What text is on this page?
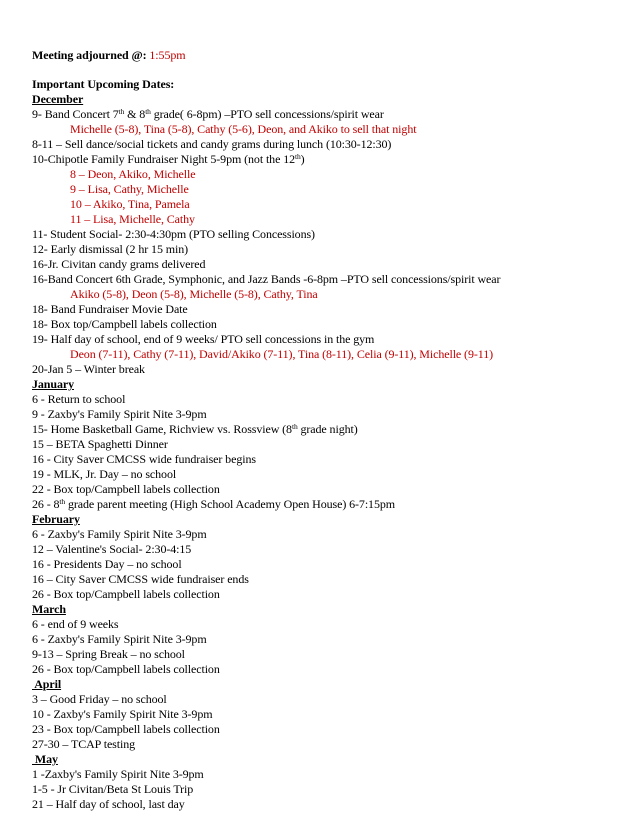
Meeting adjourned @: 1:55pm
Important Upcoming Dates:
December
9- Band Concert 7th & 8th grade( 6-8pm) –PTO sell concessions/spirit wear
Michelle (5-8), Tina (5-8), Cathy (5-6), Deon, and Akiko to sell that night
8-11 – Sell dance/social tickets and candy grams during lunch (10:30-12:30)
10-Chipotle Family Fundraiser Night 5-9pm (not the 12th)
8 – Deon, Akiko, Michelle
9 – Lisa, Cathy, Michelle
10 – Akiko, Tina, Pamela
11 – Lisa, Michelle, Cathy
11- Student Social- 2:30-4:30pm (PTO selling Concessions)
12- Early dismissal (2 hr 15 min)
16-Jr. Civitan candy grams delivered
16-Band Concert 6th Grade, Symphonic, and Jazz Bands -6-8pm –PTO sell concessions/spirit wear
Akiko (5-8), Deon (5-8), Michelle (5-8), Cathy, Tina
18- Band Fundraiser Movie Date
18- Box top/Campbell labels collection
19- Half day of school, end of 9 weeks/ PTO sell concessions in the gym
Deon (7-11), Cathy (7-11), David/Akiko (7-11), Tina (8-11), Celia (9-11), Michelle (9-11)
20-Jan 5 – Winter break
January
6 - Return to school
9 - Zaxby's Family Spirit Nite 3-9pm
15- Home Basketball Game, Richview vs. Rossview (8th grade night)
15 – BETA Spaghetti Dinner
16 - City Saver CMCSS wide fundraiser begins
19 - MLK, Jr. Day – no school
22 - Box top/Campbell labels collection
26 - 8th grade parent meeting (High School Academy Open House) 6-7:15pm
February
6 - Zaxby's Family Spirit Nite 3-9pm
12 – Valentine's Social- 2:30-4:15
16 - Presidents Day – no school
16 – City Saver CMCSS wide fundraiser ends
26 - Box top/Campbell labels collection
March
6 - end of 9 weeks
6 - Zaxby's Family Spirit Nite 3-9pm
9-13 – Spring Break – no school
26 - Box top/Campbell labels collection
April
3 – Good Friday – no school
10 - Zaxby's Family Spirit Nite 3-9pm
23 - Box top/Campbell labels collection
27-30 – TCAP testing
May
1 -Zaxby's Family Spirit Nite 3-9pm
1-5 - Jr Civitan/Beta St Louis Trip
21 – Half day of school, last day
